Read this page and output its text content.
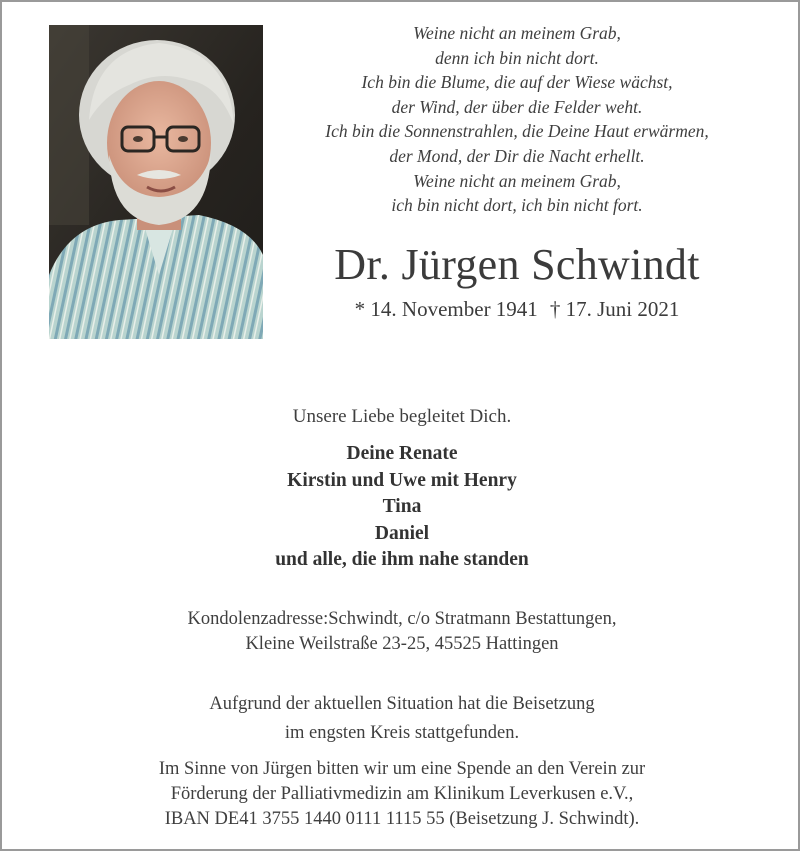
Weine nicht an meinem Grab,
denn ich bin nicht dort.
Ich bin die Blume, die auf der Wiese wächst,
der Wind, der über die Felder weht.
Ich bin die Sonnenstrahlen, die Deine Haut erwärmen,
der Mond, der Dir die Nacht erhellt.
Weine nicht an meinem Grab,
ich bin nicht dort, ich bin nicht fort.
Dr. Jürgen Schwindt
* 14. November 1941 † 17. Juni 2021
Unsere Liebe begleitet Dich.
Deine Renate
Kirstin und Uwe mit Henry
Tina
Daniel
und alle, die ihm nahe standen
Kondolenzadresse:Schwindt, c/o Stratmann Bestattungen,
Kleine Weilstraße 23-25, 45525 Hattingen
Aufgrund der aktuellen Situation hat die Beisetzung
im engsten Kreis stattgefunden.
Im Sinne von Jürgen bitten wir um eine Spende an den Verein zur
Förderung der Palliativmedizin am Klinikum Leverkusen e.V.,
IBAN DE41 3755 1440 0111 1115 55 (Beisetzung J. Schwindt).
